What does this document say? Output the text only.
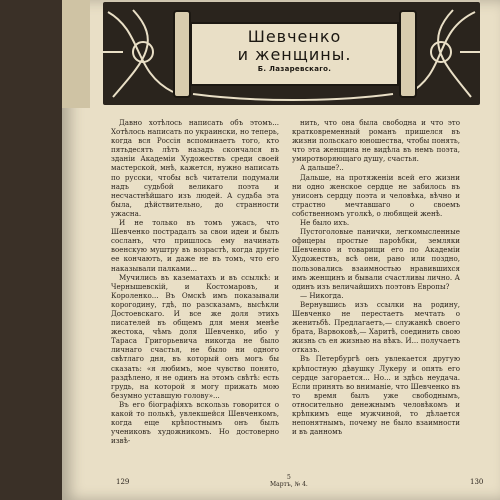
Шевченко
и женщины.
Б. Лазаревскаго.

Давно хотѣлось написать объ этомъ... Хотѣлось написать по украински, но теперь, когда вся Россія вспоминаетъ того, кто пятьдесятъ лѣтъ назадъ скончался въ зданіи Академіи Художествъ среди своей мастерской, мнѣ, кажется, нужно написать по русски, чтобы всѣ читатели подумали надъ судьбой великаго поэта и несчастнѣйшаго изъ людей. А судьба эта была, дѣйствительно, до странности ужасна.

И не только въ томъ ужасъ, что Шевченко пострадалъ за свои идеи и былъ сосланъ, что пришлось ему начинать военскую муштру въ возрастѣ, когда другіе ее кончаютъ, и даже не въ томъ, что его наказывали палками...

Мучились въ казематахъ и въ ссылкѣ: и Чернышевскій, и Костомаровъ, и Короленко... Въ Омскѣ имъ показывали корогодину, гдѣ, по разсказамъ, высѣкли Достоевскаго. И все же доля этихъ писателей въ общемъ для меня менѣе жестока, чѣмъ доля Шевченко, ибо у Тараса Григорьевича никогда не было личнаго счастья, не было ни одного свѣтлаго дня, въ который онъ могъ бы сказать: «я любимъ, мое чувство понято, раздѣлено, я не одинъ на этомъ свѣтѣ: есть грудь, на которой я могу прижать мою безумно уставшую голову»...

Въ его біографіяхъ вскользь говорится о какой то полькѣ, увлекшейся Шевченкомъ, когда еще крѣпостнымъ онъ былъ учениковъ художникомъ. Но достоверно извѣ-

нить, что она была свободна и что это кратковременный романъ пришелся въ жизни польскаго юношества, чтобы понять, что эта женщина не видѣла въ немъ поэта, умиротворяющаго душу, счастья.

А дальше?..

Дальше, на протяженіи всей его жизни ни одно женское сердце не забилось въ унисонъ сердцу поэта и человѣка, вѣчно и страстно мечтавшаго о своемъ собственномъ уголкѣ, о любящей женѣ.

Не было ихъ.

Пустоголовые панички, легкомысленные офицеры простые пароѣбки, земляки Шевченко и товарищи его по Академіи Художествъ, всѣ они, рано или поздно, пользовались взаимностью нравившихся имъ женщинъ и бывали счастливы лично. А одинъ изъ величайшихъ поэтовъ Европы?

— Никогда.

Вернувшись изъ ссылки на родину, Шевченко не перестаетъ мечтать о женитьбѣ. Предлагаетъ,— служанкѣ своего брата, Варвоковѣ,— Харитѣ, соединить свою жизнь съ ея жизнью на вѣкъ. И... получаетъ отказъ.

Въ Петербургѣ онъ увлекается другую крѣпостную дѣвушку Лукеру и опять его сердце загорается... Но... и здѣсь неудача. Если принять во вниманіе, что Шевченко въ то время былъ уже свободнымъ, относительно денежнымъ человѣкомъ и крѣпкимъ еще мужчиной, то дѣлается непонятнымъ, почему не было взаимности и въ данномъ

129
5
Мартъ, № 4.	130
